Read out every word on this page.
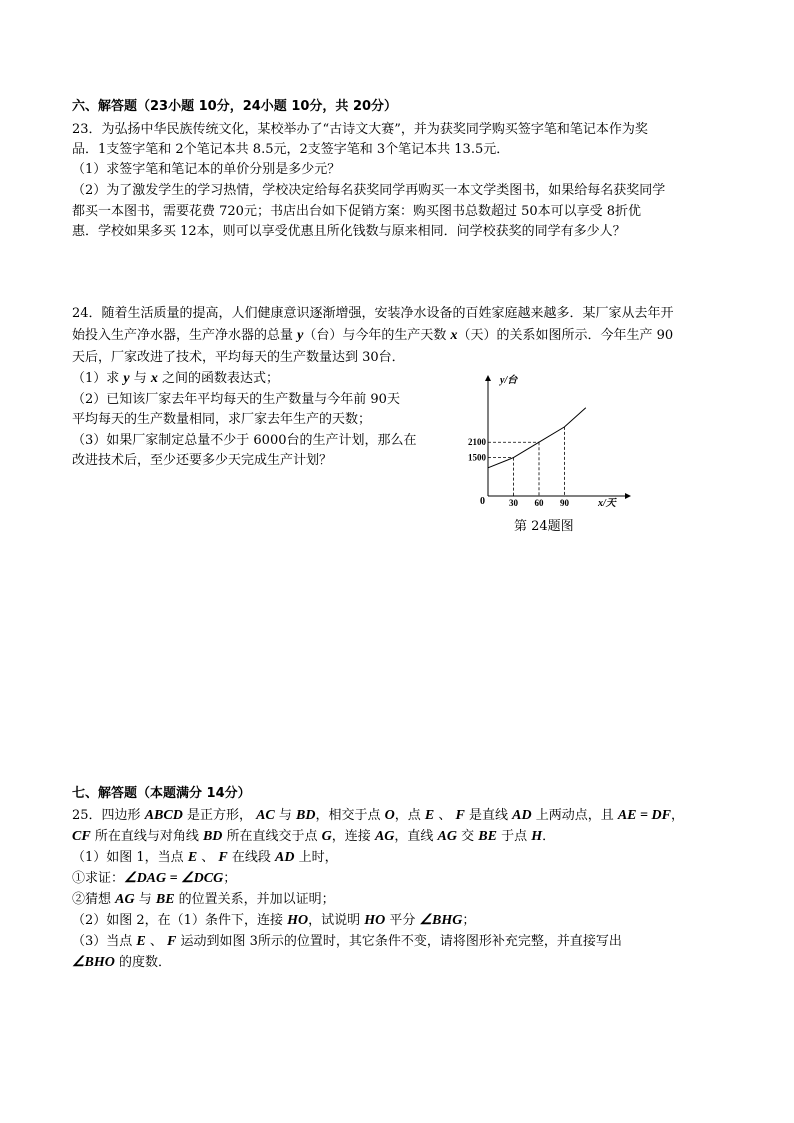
六、解答题（23小题 10分，24小题 10分，共 20分）
23．为弘扬中华民族传统文化，某校举办了“古诗文大赛”，并为获奖同学购买签字笔和笔记本作为奖
品．1支签字笔和 2个笔记本共 8.5元，2支签字笔和 3个笔记本共 13.5元．
（1）求签字笔和笔记本的单价分别是多少元？
（2）为了激发学生的学习热情，学校决定给每名获奖同学再购买一本文学类图书，如果给每名获奖同学
都买一本图书，需要花费 720元；书店出台如下促销方案：购买图书总数超过 50本可以享受 8折优
惠．学校如果多买 12本，则可以享受优惠且所化钱数与原来相同．问学校获奖的同学有多少人？
24．随着生活质量的提高，人们健康意识逐渐增强，安装净水设备的百姓家庭越来越多．某厂家从去年开
始投入生产净水器，生产净水器的总量 y（台）与今年的生产天数 x（天）的关系如图所示．今年生产 90
天后，厂家改进了技术，平均每天的生产数量达到 30台．
（1）求 y 与 x 之间的函数表达式；
（2）已知该厂家去年平均每天的生产数量与今年前 90天
平均每天的生产数量相同，求厂家去年生产的天数；
（3）如果厂家制定总量不少于 6000台的生产计划，那么在
改进技术后，至少还要多少天完成生产计划？
y/台
x/天
0	30 60 90
1500
2100
第 24题图
七、解答题（本题满分 14分）
25．四边形 ABCD 是正方形， AC 与 BD，相交于点 O，点 E 、 F 是直线 AD 上两动点，且 AE = DF，
CF 所在直线与对角线 BD 所在直线交于点 G，连接 AG，直线 AG 交 BE 于点 H．
（1）如图 1，当点 E 、 F 在线段 AD 上时，
①求证：∠DAG = ∠DCG；
②猜想 AG 与 BE 的位置关系，并加以证明；
（2）如图 2，在（1）条件下，连接 HO，试说明 HO 平分 ∠BHG；
（3）当点 E 、 F 运动到如图 3所示的位置时，其它条件不变，请将图形补充完整，并直接写出
∠BHO 的度数．
